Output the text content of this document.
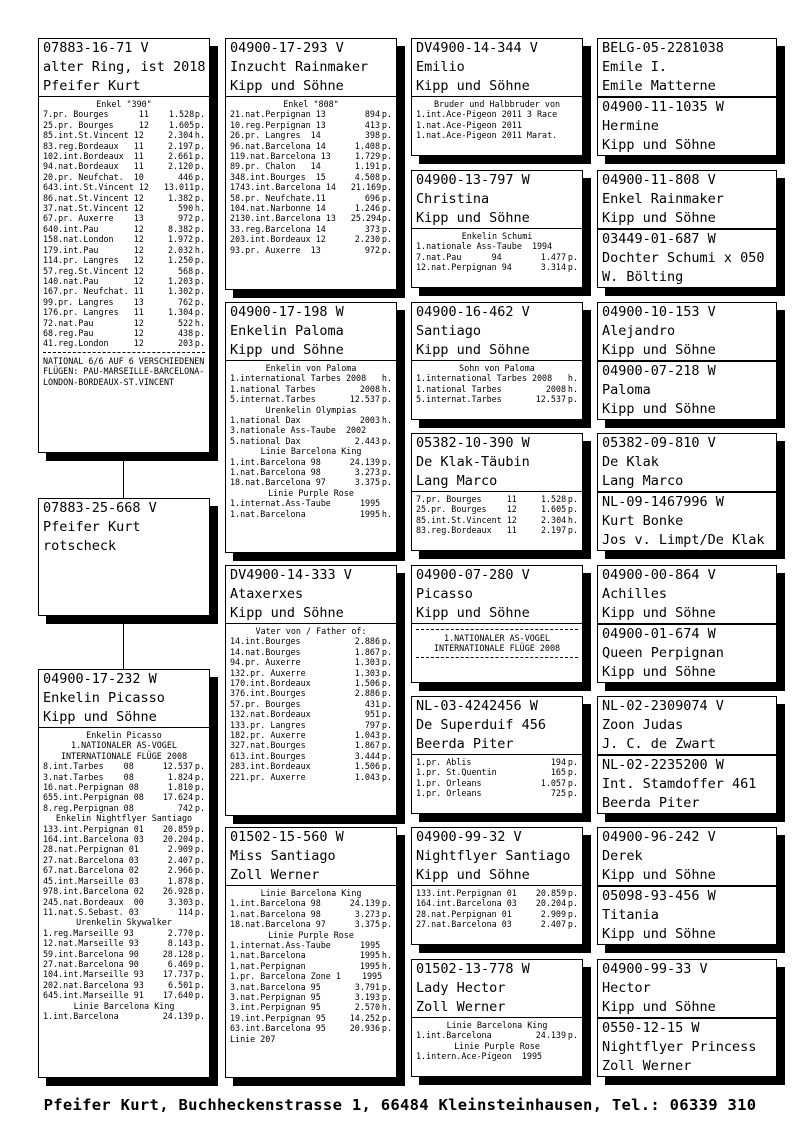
07883-16-71 V
alter Ring, ist 2018
Pfeifer Kurt
Enkel "390"
7.pr. Bourges      11	1.528 p.
25.pr. Bourges     12	1.605 p.
85.int.St.Vincent 12	2.304 h.
83.reg.Bordeaux   11	2.197 p.
102.int.Bordeaux  11	2.661 p.
94.nat.Bordeaux   11	2.120 p.
20.pr. Neufchat.  10	446 p.
643.int.St.Vincent 12	13.011 p.
86.nat.St.Vincent 12	1.382 p.
37.nat.St.Vincent 12	590 h.
67.pr. Auxerre    13	972 p.
640.int.Pau       12	8.382 p.
158.nat.London    12	1.972 p.
179.int.Pau       12	2.032 h.
114.pr. Langres   12	1.250 p.
57.reg.St.Vincent 12	568 p.
140.nat.Pau       12	1.203 p.
167.pr. Neufchat. 11	1.302 p.
99.pr. Langres    13	762 p.
176.pr. Langres   11	1.304 p.
72.nat.Pau        12	522 h.
68.reg.Pau        12	438 p.
41.reg.London     12	203 p.
NATIONAL 6/6 AUF 6 VERSCHIEDENEN FLÜGEN: PAU-MARSEILLE-BARCELONA-LONDON-BORDEAUX-ST.VINCENT
07883-25-668 V
Pfeifer Kurt
rotscheck
04900-17-232 W
Enkelin Picasso
Kipp und Söhne
Enkelin Picasso
1.NATIONALER AS-VOGEL
INTERNATIONALE FLÜGE 2008
8.int.Tarbes    08	12.537 p.
3.nat.Tarbes    08	1.824 p.
16.nat.Perpignan 08	1.810 p.
655.int.Perpignan 08	17.624 p.
8.reg.Perpignan 08	742 p.
Enkelin Nightflyer Santiago
133.int.Perpignan 01	20.859 p.
164.int.Barcelona 03	20.204 p.
28.nat.Perpignan 01	2.909 p.
27.nat.Barcelona 03	2.407 p.
67.nat.Barcelona 02	2.966 p.
45.int.Marseille 03	1.878 p.
978.int.Barcelona 02	26.928 p.
245.nat.Bordeaux  00	3.303 p.
11.nat.S.Sebast. 03	114 p.
Urenkelin Skywalker
1.reg.Marseille 93	2.770 p.
12.nat.Marseille 93	8.143 p.
59.int.Barcelona 90	28.128 p.
27.nat.Barcelona 90	6.469 p.
104.int.Marseille 93	17.737 p.
202.nat.Barcelona 93	6.501 p.
645.int.Marseille 91	17.640 p.
Linie Barcelona King
1.int.Barcelona	24.139 p.
04900-17-293 V
Inzucht Rainmaker
Kipp und Söhne
Enkel "808"
21.nat.Perpignan 13	894 p.
10.reg.Perpignan 13	413 p.
26.pr. Langres  14	398 p.
96.nat.Barcelona 14	1.408 p.
119.nat.Barcelona 13	1.729 p.
89.pr. Chalon   14	1.191 p.
348.int.Bourges  15	4.508 p.
1743.int.Barcelona 14	21.169 p.
58.pr. Neufchate.11	696 p.
104.nat.Narbonne 14	1.246 p.
2130.int.Barcelona 13	25.294 p.
33.reg.Barcelona 14	373 p.
203.int.Bordeaux 12	2.230 p.
93.pr. Auxerre  13	972 p.
04900-17-198 W
Enkelin Paloma
Kipp und Söhne
Enkelin von Paloma
1.international Tarbes 2008 h.
1.national Tarbes	2008 h.
5.internat.Tarbes	12.537 p.
Urenkelin Olympias
1.national Dax	2003 h.
3.nationale Ass-Taube  2002
5.national Dax	2.443 p.
Linie Barcelona King
1.int.Barcelona 98	24.139 p.
1.nat.Barcelona 98	3.273 p.
18.nat.Barcelona 97	3.375 p.
Linie Purple Rose
1.internat.Ass-Taube	1995
1.nat.Barcelona	1995 h.
DV4900-14-333 V
Ataxerxes
Kipp und Söhne
Vater von / Father of:
14.int.Bourges	2.886 p.
14.nat.Bourges	1.867 p.
94.pr. Auxerre	1.303 p.
132.pr. Auxerre	1.303 p.
170.int.Bordeaux	1.506 p.
376.int.Bourges	2.886 p.
57.pr. Bourges	431 p.
132.nat.Bordeaux	951 p.
133.pr. Langres	797 p.
182.pr. Auxerre	1.043 p.
327.nat.Bourges	1.867 p.
613.int.Bourges	3.444 p.
283.int.Bordeaux	1.506 p.
221.pr. Auxerre	1.043 p.
01502-15-560 W
Miss Santiago
Zoll Werner
Linie Barcelona King
1.int.Barcelona 98	24.139 p.
1.nat.Barcelona 98	3.273 p.
18.nat.Barcelona 97	3.375 p.
Linie Purple Rose
1.internat.Ass-Taube	1995
1.nat.Barcelona	1995 h.
1.nat.Perpignan	1995 h.
1.pr. Barcelona Zone 1	1995
3.nat.Barcelona 95	3.791 p.
3.nat.Perpignan 95	3.193 p.
3.int.Perpignan 95	2.570 h.
19.int.Perpignan 95	14.252 p.
63.int.Barcelona 95	20.936 p.
Linie 207
DV4900-14-344 V
Emilio
Kipp und Söhne
Bruder und Halbbruder von
1.int.Ace-Pigeon 2011 3 Race
1.nat.Ace-Pigeon 2011
1.nat.Ace-Pigeon 2011 Marat.
04900-13-797 W
Christina
Kipp und Söhne
Enkelin Schumi
1.nationale Ass-Taube  1994
7.nat.Pau      94	1.477 p.
12.nat.Perpignan 94	3.314 p.
04900-16-462 V
Santiago
Kipp und Söhne
Sohn von Paloma
1.international Tarbes 2008 h.
1.national Tarbes	2008 h.
5.internat.Tarbes	12.537 p.
05382-10-390 W
De Klak-Täubin
Lang Marco
7.pr. Bourges     11	1.528 p.
25.pr. Bourges    12	1.605 p.
85.int.St.Vincent 12	2.304 h.
83.reg.Bordeaux   11	2.197 p.
04900-07-280 V
Picasso
Kipp und Söhne
1.NATIONALER AS-VOGEL
INTERNATIONALE FLÜGE 2008
NL-03-4242456 W
De Superduif 456
Beerda Piter
1.pr. Ablis	194 p.
1.pr. St.Quentin	165 p.
1.pr. Orleans	1.057 p.
1.pr. Orleans	725 p.
04900-99-32 V
Nightflyer Santiago
Kipp und Söhne
133.int.Perpignan 01	20.859 p.
164.int.Barcelona 03	20.204 p.
28.nat.Perpignan 01	2.909 p.
27.nat.Barcelona 03	2.407 p.
01502-13-778 W
Lady Hector
Zoll Werner
Linie Barcelona King
1.int.Barcelona	24.139 p.
Linie Purple Rose
1.intern.Ace-Pigeon  1995
BELG-05-2281038
Emile I.
Emile Matterne
04900-11-1035 W
Hermine
Kipp und Söhne
04900-11-808 V
Enkel Rainmaker
Kipp und Söhne
03449-01-687 W
Dochter Schumi x 050
W. Bölting
04900-10-153 V
Alejandro
Kipp und Söhne
04900-07-218 W
Paloma
Kipp und Söhne
05382-09-810 V
De Klak
Lang Marco
NL-09-1467996 W
Kurt Bonke
Jos v. Limpt/De Klak
04900-00-864 V
Achilles
Kipp und Söhne
04900-01-674 W
Queen Perpignan
Kipp und Söhne
NL-02-2309074 V
Zoon Judas
J. C. de Zwart
NL-02-2235200 W
Int. Stamdoffer 461
Beerda Piter
04900-96-242 V
Derek
Kipp und Söhne
05098-93-456 W
Titania
Kipp und Söhne
04900-99-33 V
Hector
Kipp und Söhne
0550-12-15 W
Nightflyer Princess
Zoll Werner
Pfeifer Kurt, Buchheckenstrasse 1, 66484 Kleinsteinhausen, Tel.: 06339 310
